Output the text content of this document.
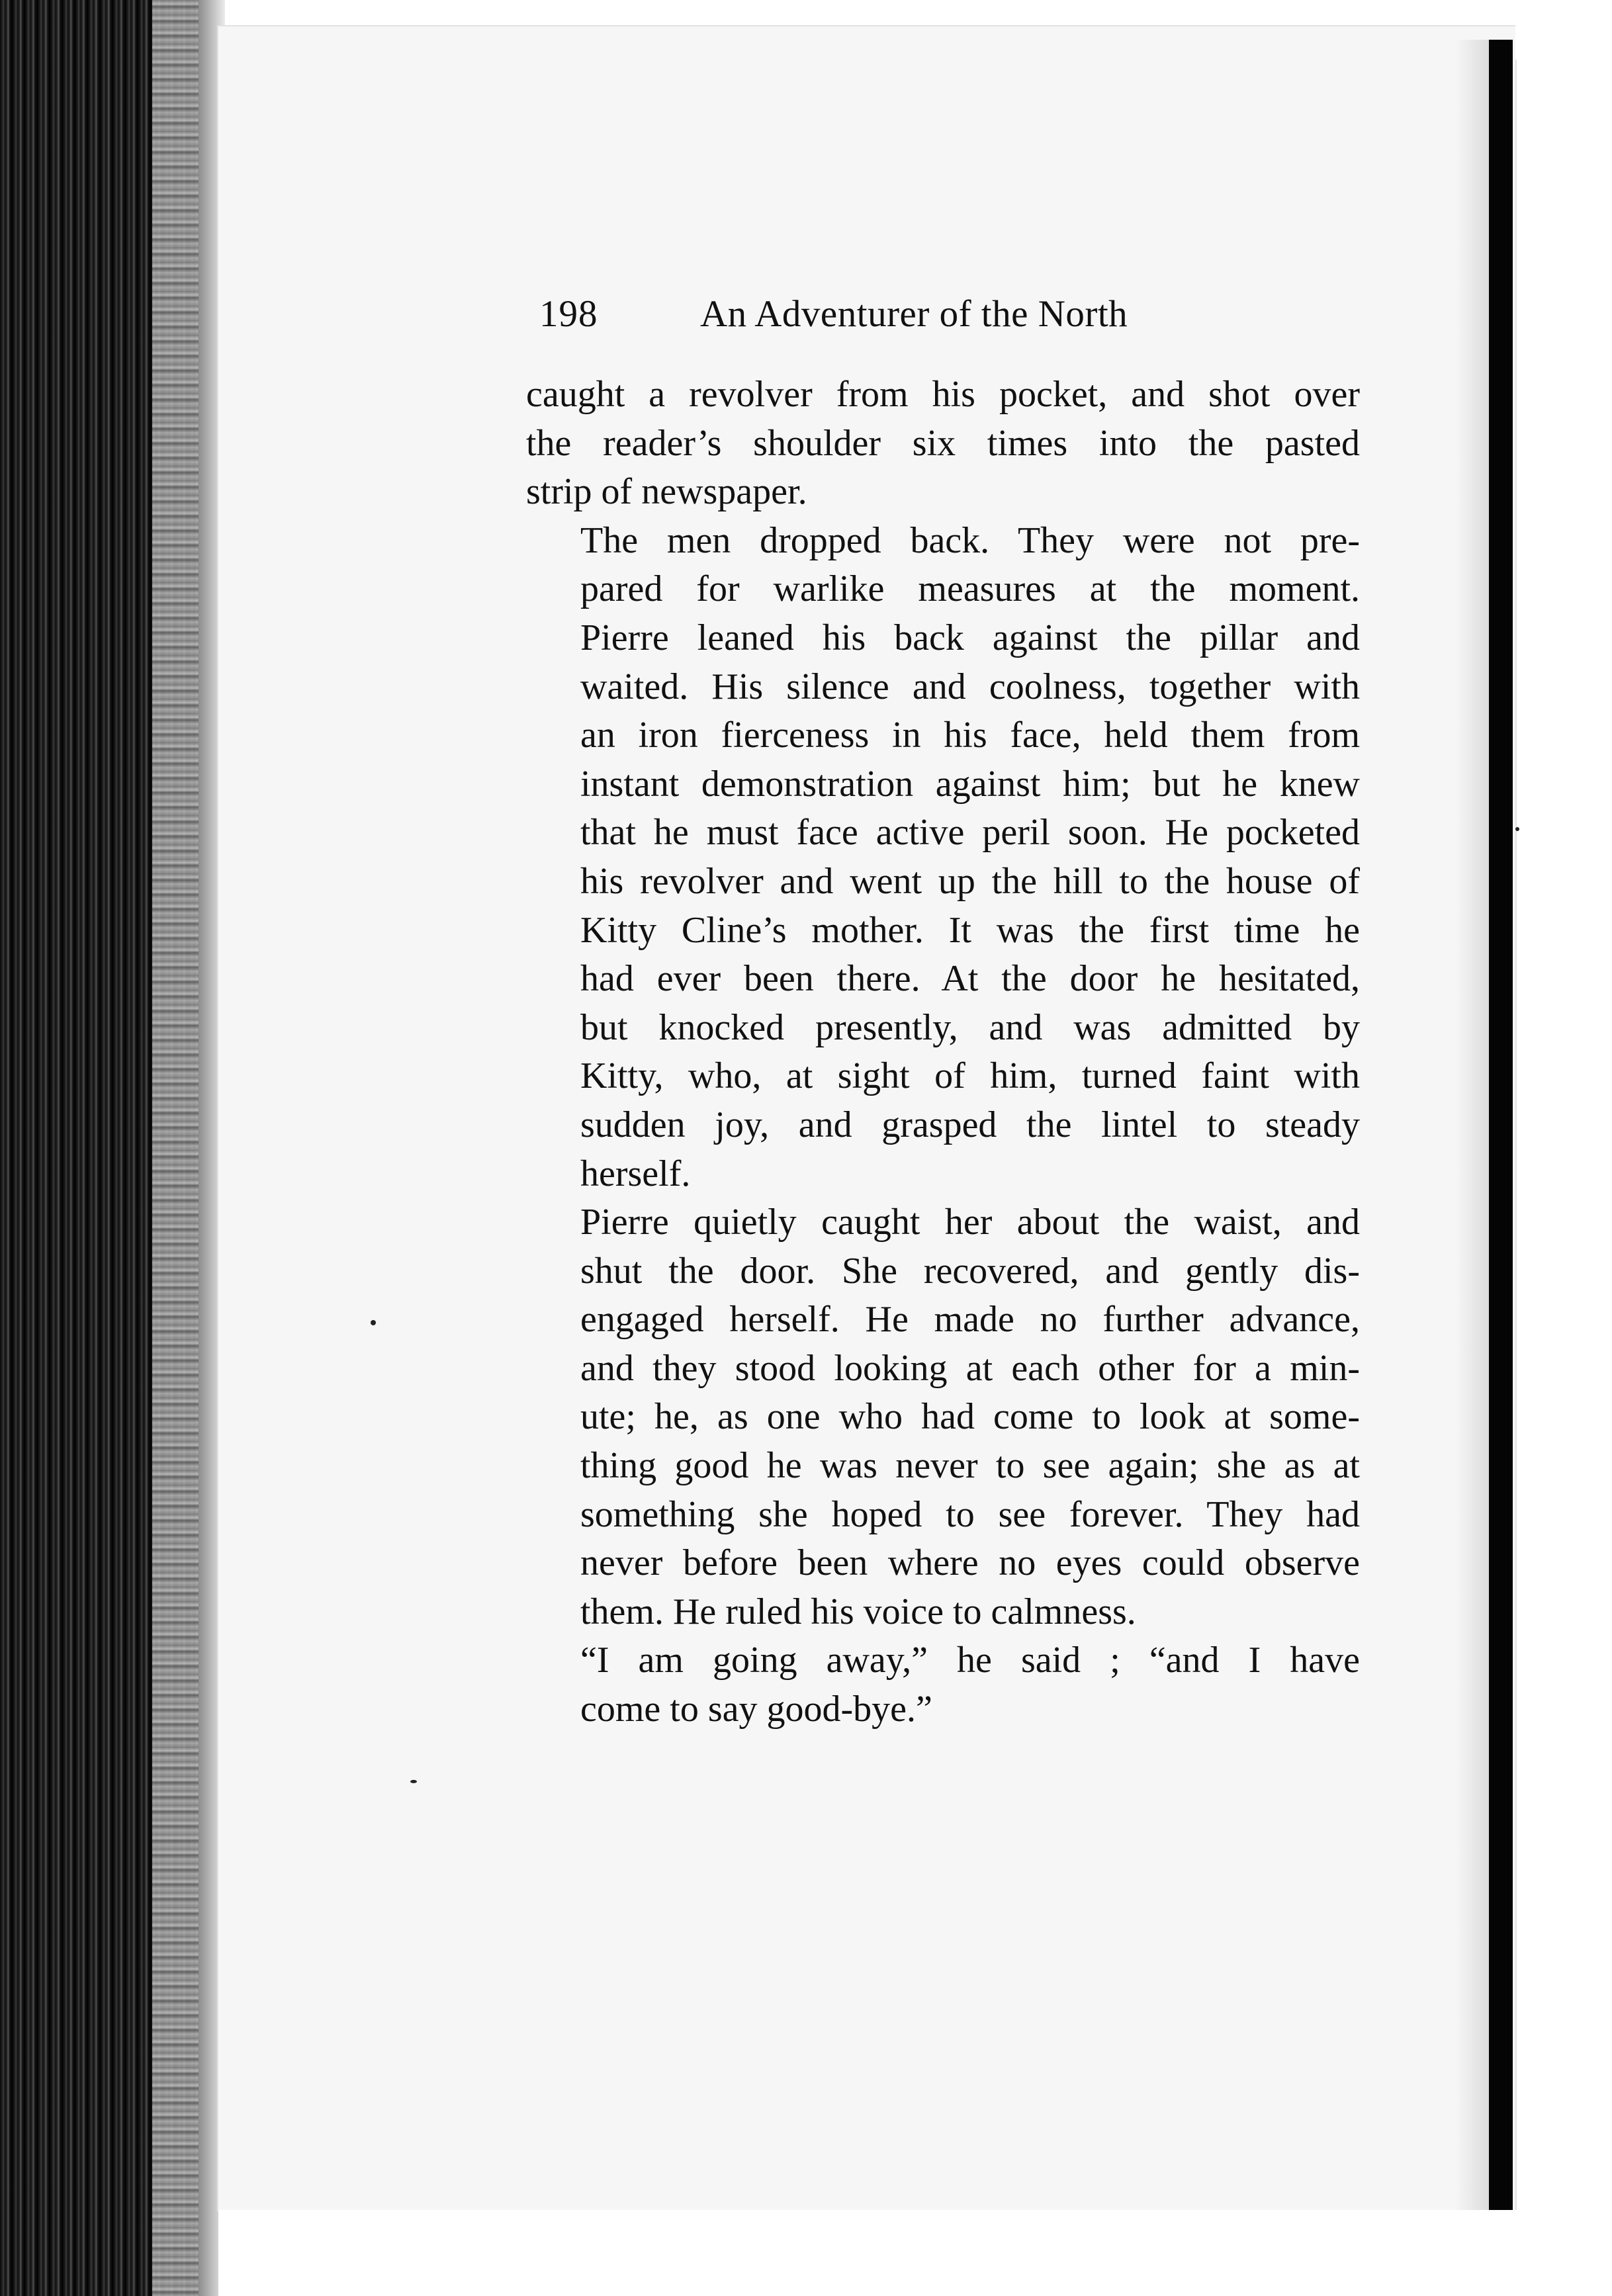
198	An Adventurer of the North

caught a revolver from his pocket, and shot over
the reader’s shoulder six times into the pasted
strip of newspaper.

The men dropped back. They were not pre-
pared for warlike measures at the moment.
Pierre leaned his back against the pillar and
waited. His silence and coolness, together with
an iron fierceness in his face, held them from
instant demonstration against him; but he knew
that he must face active peril soon. He pocketed
his revolver and went up the hill to the house of
Kitty Cline’s mother. It was the first time he
had ever been there. At the door he hesitated,
but knocked presently, and was admitted by
Kitty, who, at sight of him, turned faint with
sudden joy, and grasped the lintel to steady
herself.

Pierre quietly caught her about the waist, and
shut the door. She recovered, and gently dis-
engaged herself. He made no further advance,
and they stood looking at each other for a min-
ute; he, as one who had come to look at some-
thing good he was never to see again; she as at
something she hoped to see forever. They had
never before been where no eyes could observe
them. He ruled his voice to calmness.

“I am going away,” he said ; “and I have
come to say good-bye.”
